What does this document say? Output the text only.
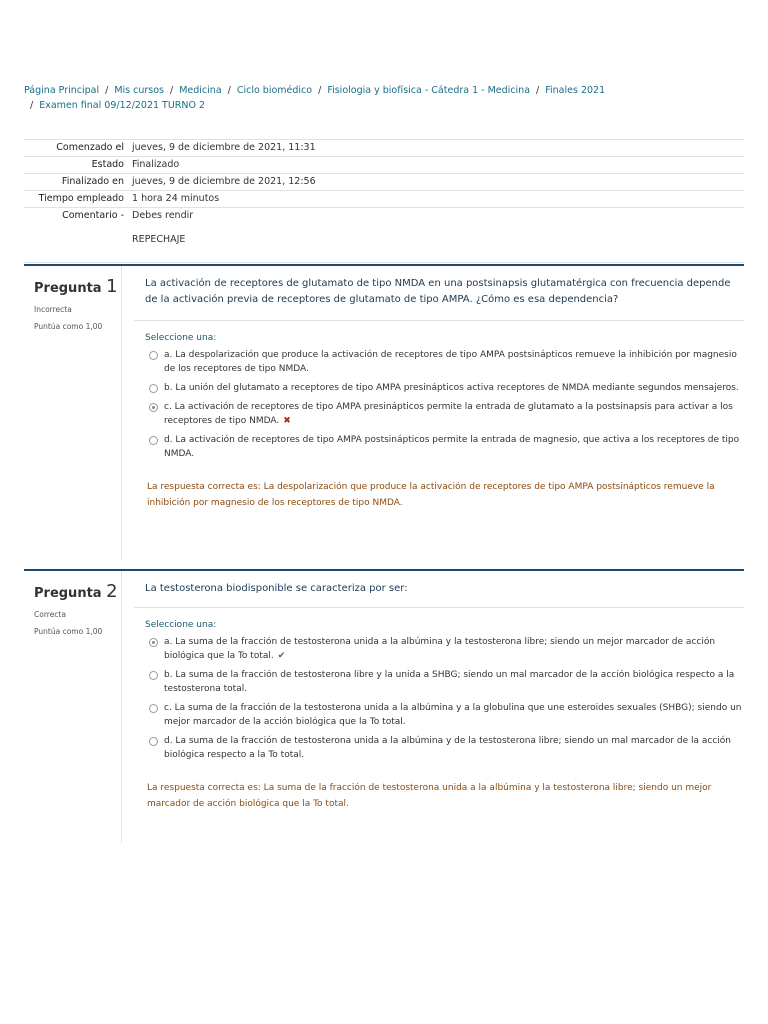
Página Principal / Mis cursos / Medicina / Ciclo biomédico / Fisiologia y biofísica - Cátedra 1 - Medicina / Finales 2021
/ Examen final 09/12/2021 TURNO 2
Comenzado el	jueves, 9 de diciembre de 2021, 11:31
Estado	Finalizado
Finalizado en	jueves, 9 de diciembre de 2021, 12:56
Tiempo empleado	1 hora 24 minutos
Comentario -	Debes rendir
REPECHAJE
Pregunta 1
Incorrecta
Puntúa como 1,00
La activación de receptores de glutamato de tipo NMDA en una postsinapsis glutamatérgica con frecuencia depende de la activación previa de receptores de glutamato de tipo AMPA. ¿Cómo es esa dependencia?
Seleccione una:
a. La despolarización que produce la activación de receptores de tipo AMPA postsinápticos remueve la inhibición por magnesio de los receptores de tipo NMDA.
b. La unión del glutamato a receptores de tipo AMPA presinápticos activa receptores de NMDA mediante segundos mensajeros.
c. La activación de receptores de tipo AMPA presinápticos permite la entrada de glutamato a la postsinapsis para activar a los receptores de tipo NMDA. ✖
d. La activación de receptores de tipo AMPA postsinápticos permite la entrada de magnesio, que activa a los receptores de tipo NMDA.
La respuesta correcta es: La despolarización que produce la activación de receptores de tipo AMPA postsinápticos remueve la inhibición por magnesio de los receptores de tipo NMDA.
Pregunta 2
Correcta
Puntúa como 1,00
La testosterona biodisponible se caracteriza por ser:
Seleccione una:
a. La suma de la fracción de testosterona unida a la albúmina y la testosterona libre; siendo un mejor marcador de acción biológica que la To total. ✔
b. La suma de la fracción de testosterona libre y la unida a SHBG; siendo un mal marcador de la acción biológica respecto a la testosterona total.
c. La suma de la fracción de la testosterona unida a la albúmina y a la globulina que une esteroides sexuales (SHBG); siendo un mejor marcador de la acción biológica que la To total.
d. La suma de la fracción de testosterona unida a la albúmina y de la testosterona libre; siendo un mal marcador de la acción biológica respecto a la To total.
La respuesta correcta es: La suma de la fracción de testosterona unida a la albúmina y la testosterona libre; siendo un mejor marcador de acción biológica que la To total.
